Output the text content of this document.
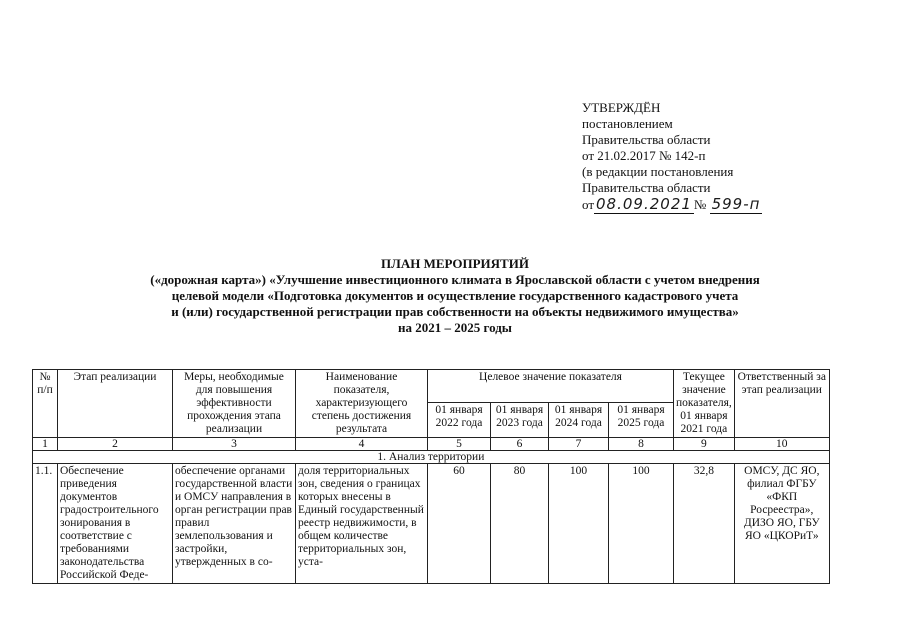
УТВЕРЖДЁН
постановлением
Правительства области
от 21.02.2017 № 142-п
(в редакции постановления
Правительства области
от 08.09.2021 № 599-п
ПЛАН МЕРОПРИЯТИЙ
(«дорожная карта») «Улучшение инвестиционного климата в Ярославской области с учетом внедрения
целевой модели «Подготовка документов и осуществление государственного кадастрового учета
и (или) государственной регистрации прав собственности на объекты недвижимого имущества»
на 2021 – 2025 годы
№ п/п	Этап реализации	Меры, необходимые для повышения эффективности прохождения этапа реализации	Наименование показателя, характеризующего степень достижения результата	Целевое значение показателя				Текущее значение показателя, 01 января 2021 года	Ответственный за этап реализации
				01 января 2022 года	01 января 2023 года	01 января 2024 года	01 января 2025 года		
1	2	3	4	5	6	7	8	9	10
1. Анализ территории									
1.1.	Обеспечение приведения документов градостроительного зонирования в соответствие с требованиями законодательства Российской Феде-	обеспечение органами государственной власти и ОМСУ направления в орган регистрации прав правил землепользования и застройки, утвержденных в со-	доля территориальных зон, сведения о границах которых внесены в Единый государственный реестр недвижимости, в общем количестве территориальных зон, уста-	60	80	100	100	32,8	ОМСУ, ДС ЯО, филиал ФГБУ «ФКП Росреестра», ДИЗО ЯО, ГБУ ЯО «ЦКОРиТ»
